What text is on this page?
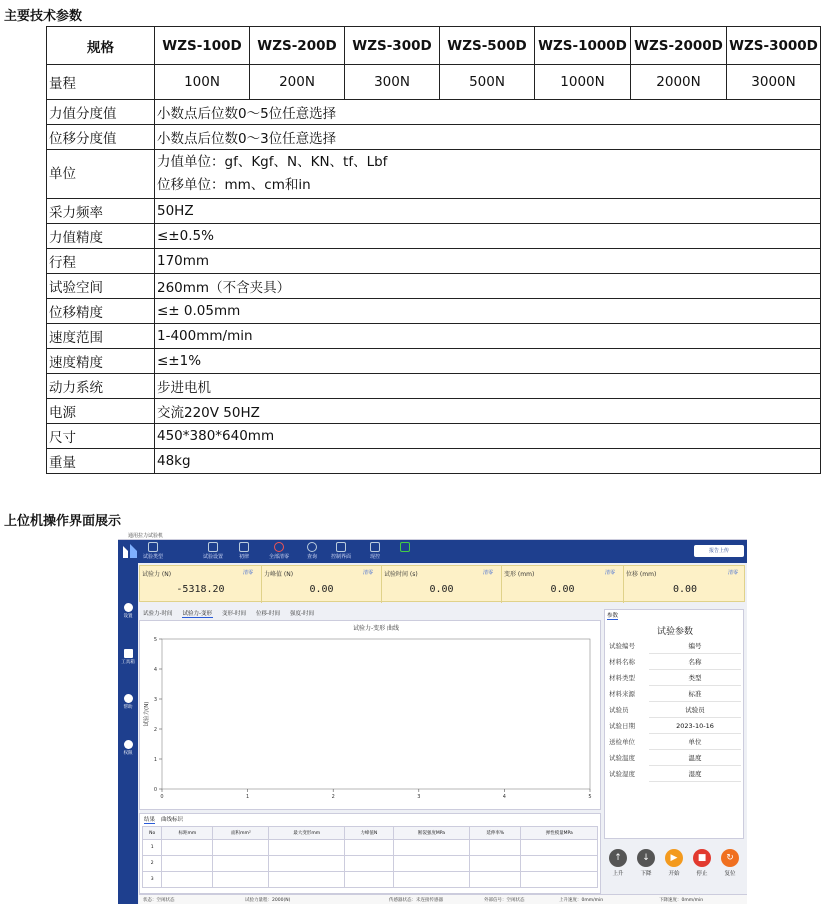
主要技术参数
规格	WZS-100D	WZS-200D	WZS-300D	WZS-500D	WZS-1000D	WZS-2000D	WZS-3000D
量程	100N	200N	300N	500N	1000N	2000N	3000N
力值分度值	小数点后位数0～5位任意选择						
位移分度值	小数点后位数0～3位任意选择						
单位	力值单位：gf、Kgf、N、KN、tf、Lbf
位移单位：mm、cm和in						

采力频率	50HZ						
力值精度	≤±0.5%						
行程	170mm						
试验空间	260mm（不含夹具）						
位移精度	≤± 0.05mm						
速度范围	1-400mm/min						
速度精度	≤±1%						
动力系统	步进电机						
电源	交流220V 50HZ						
尺寸	450*380*640mm						
重量	48kg						
上位机操作界面展示
通用拉力试验机
试验类型	试验设置	初律	全部清零	查询	控制界面	现控
报告上传
设置
工具箱
帮助
权限
试验力 (N)	清零
-5318.20
力峰值 (N)	清零
0.00
试验时间 (s)	清零
0.00
变形 (mm)	清零
0.00
位移 (mm)	清零
0.00
试验力-时间 试验力-变形 变形-时间 位移-时间 强度-时间
试验力-变形 曲线
0	1	2	3	4	5
0
1
2
3
4
5
试验力(N)
结果 曲线标识
No	标距mm	面积mm²	最大变形mm	力峰值N	断裂强度MPa	延伸率%	弹性模量MPa
1							
2							
3							
参数
试验参数
试验编号	编号
材料名称	名称
材料类型	类型
材料来源	标准
试验员	试验员
试验日期	2023-10-16
送检单位	单位
试验温度	温度
试验湿度	湿度
↑
上升
↓
下降
▶
开始
■
停止
↻
复位
状态：空闲状态	试验力量程：2000(N)	传感器状态：未连接传感器	外部信号：空闲状态	上升速度：0mm/min	下降速度：0mm/min
